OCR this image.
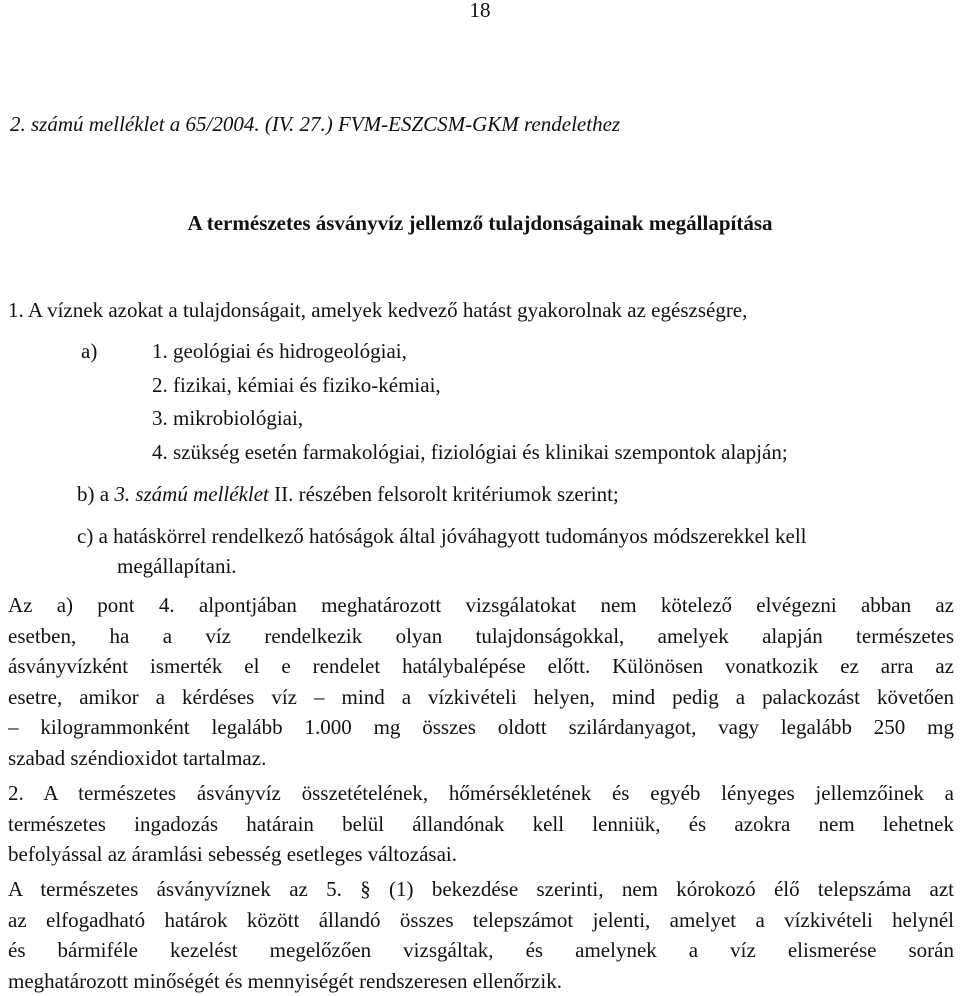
18

2. számú melléklet a 65/2004. (IV. 27.) FVM-ESZCSM-GKM rendelethez

A természetes ásványvíz jellemző tulajdonságainak megállapítása

1. A víznek azokat a tulajdonságait, amelyek kedvező hatást gyakorolnak az egészségre,

a)	1. geológiai és hidrogeológiai,
2. fizikai, kémiai és fiziko-kémiai,
3. mikrobiológiai,
4. szükség esetén farmakológiai, fiziológiai és klinikai szempontok alapján;

b) a 3. számú melléklet II. részében felsorolt kritériumok szerint;

c) a hatáskörrel rendelkező hatóságok által jóváhagyott tudományos módszerekkel kell

megállapítani.

Az a) pont 4. alpontjában meghatározott vizsgálatokat nem kötelező elvégezni abban az
esetben, ha a víz rendelkezik olyan tulajdonságokkal, amelyek alapján természetes
ásványvízként ismerték el e rendelet hatálybalépése előtt. Különösen vonatkozik ez arra az
esetre, amikor a kérdéses víz – mind a vízkivételi helyen, mind pedig a palackozást követően
– kilogrammonként legalább 1.000 mg összes oldott szilárdanyagot, vagy legalább 250 mg
szabad széndioxidot tartalmaz.
2. A természetes ásványvíz összetételének, hőmérsékletének és egyéb lényeges jellemzőinek a
természetes ingadozás határain belül állandónak kell lenniük, és azokra nem lehetnek
befolyással az áramlási sebesség esetleges változásai.
A természetes ásványvíznek az 5. § (1) bekezdése szerinti, nem kórokozó élő telepszáma azt
az elfogadható határok között állandó összes telepszámot jelenti, amelyet a vízkivételi helynél
és bármiféle kezelést megelőzően vizsgáltak, és amelynek a víz elismerése során
meghatározott minőségét és mennyiségét rendszeresen ellenőrzik.
